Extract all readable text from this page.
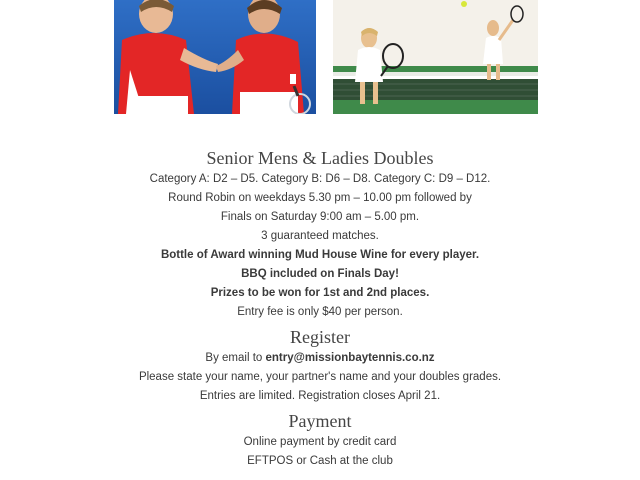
Senior Mens & Ladies Doubles

Category A: D2 – D5. Category B: D6 – D8. Category C: D9 – D12.

Round Robin on weekdays 5.30 pm – 10.00 pm followed by

Finals on Saturday 9:00 am – 5.00 pm.

3 guaranteed matches.

Bottle of Award winning Mud House Wine for every player.

BBQ included on Finals Day!

Prizes to be won for 1st and 2nd places.

Entry fee is only $40 per person.

Register

By email to entry@missionbaytennis.co.nz

Please state your name, your partner's name and your doubles grades.

Entries are limited. Registration closes April 21.

Payment

Online payment by credit card

EFTPOS or Cash at the club
